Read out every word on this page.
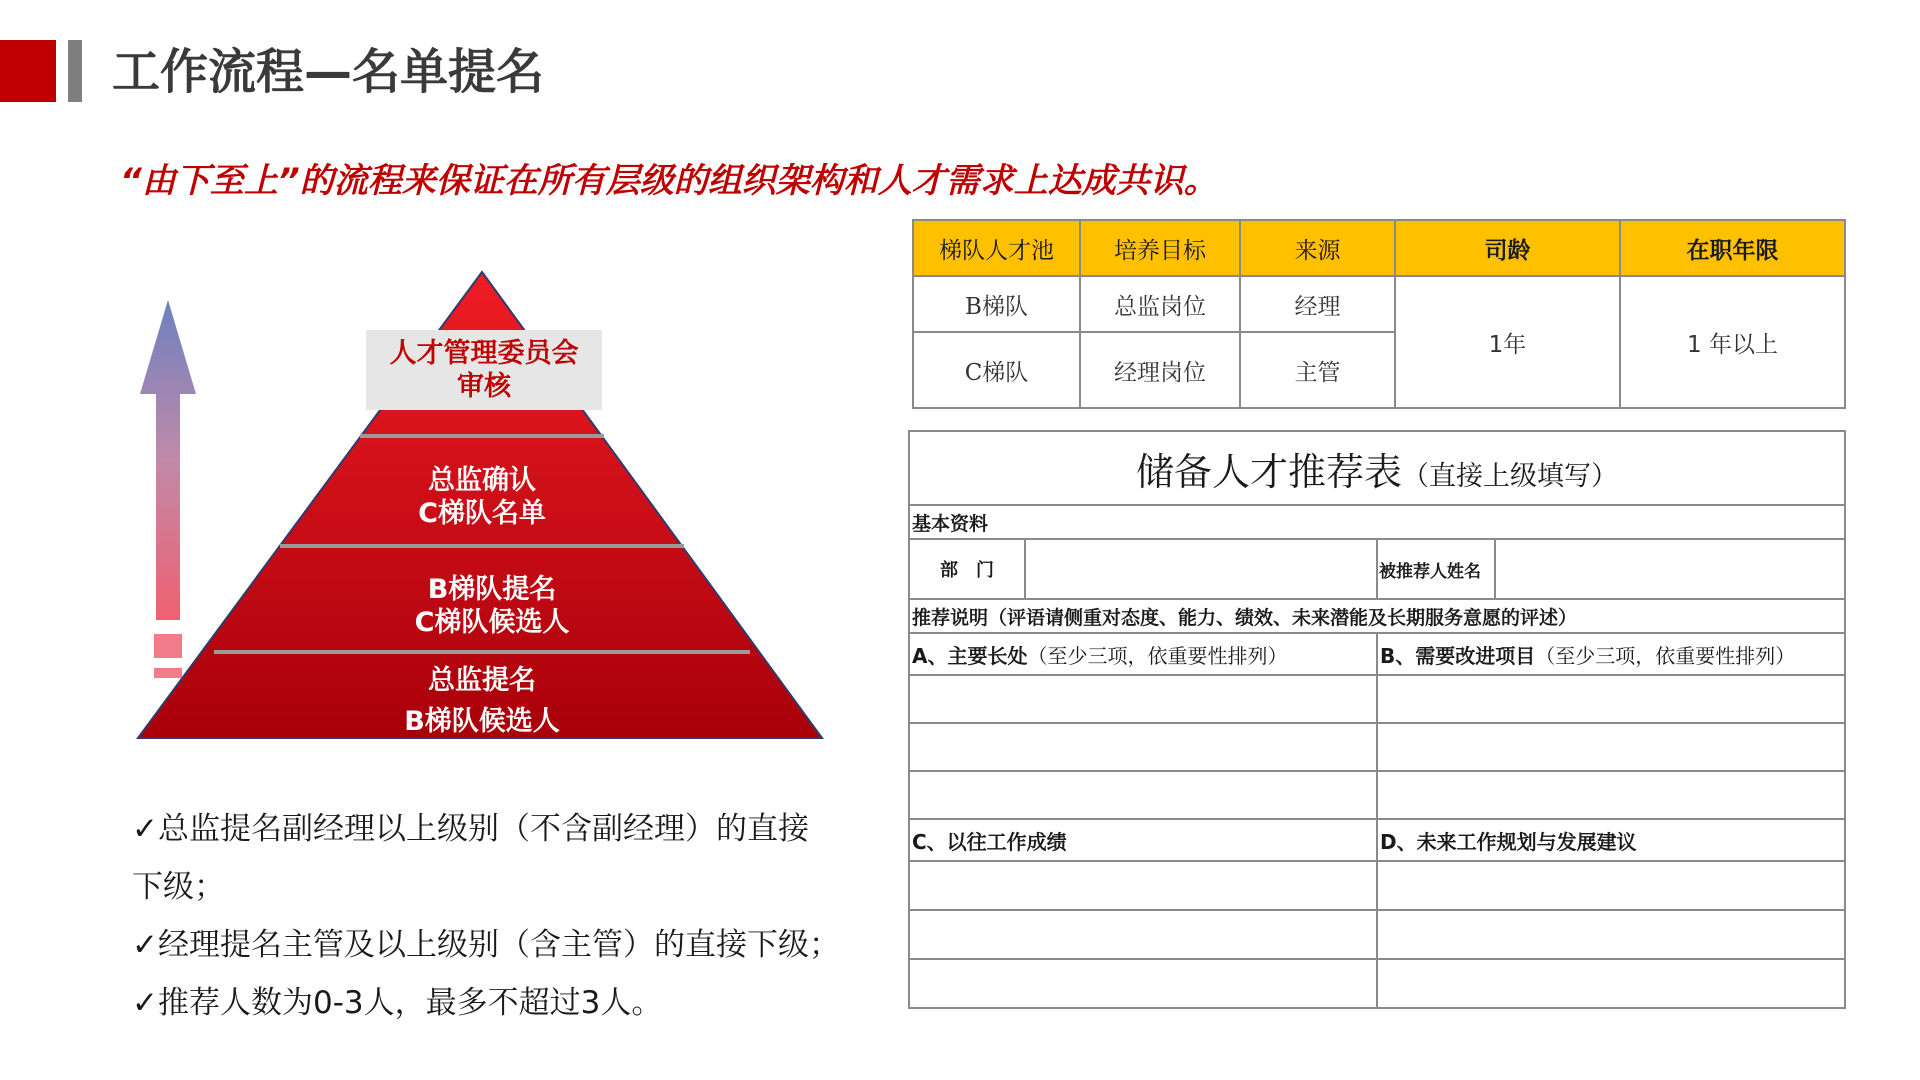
工作流程—名单提名
“由下至上”的流程来保证在所有层级的组织架构和人才需求上达成共识。
人才管理委员会
审核
总监确认
C梯队名单
B梯队提名
C梯队候选人
总监提名
B梯队候选人
✓总监提名副经理以上级别（不含副经理）的直接
下级；
✓经理提名主管及以上级别（含主管）的直接下级；
✓推荐人数为0-3人，最多不超过3人。
梯队人才池	培养目标	来源	司龄	在职年限
B梯队	总监岗位	经理	1年	1 年以上
C梯队	经理岗位	主管		
储备人才推荐表（直接上级填写）			
基本资料			
部　门		被推荐人姓名	
推荐说明（评语请侧重对态度、能力、绩效、未来潜能及长期服务意愿的评述）			
A、主要长处（至少三项，依重要性排列）		B、需要改进项目（至少三项，依重要性排列）	

C、以往工作成绩		D、未来工作规划与发展建议	
